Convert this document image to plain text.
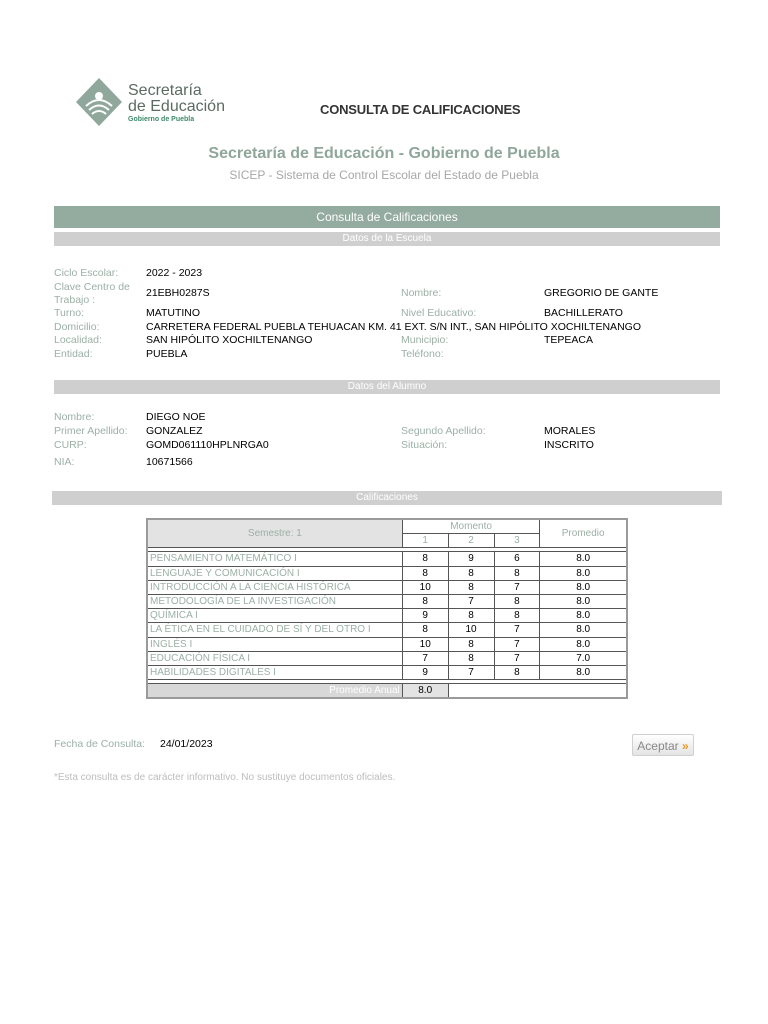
Secretaría
de Educación
Gobierno de Puebla
CONSULTA DE CALIFICACIONES
Secretaría de Educación - Gobierno de Puebla
SICEP - Sistema de Control Escolar del Estado de Puebla
Consulta de Calificaciones
Datos de la Escuela
Ciclo Escolar:	2022 - 2023
Clave Centro de
Trabajo :
21EBH0287S	Nombre:	GREGORIO DE GANTE
Turno:	MATUTINO	Nivel Educativo:	BACHILLERATO
Domicilio:	CARRETERA FEDERAL PUEBLA TEHUACAN KM. 41 EXT. S/N INT., SAN HIPÓLITO XOCHILTENANGO
Localidad:	SAN HIPÓLITO XOCHILTENANGO	Municipio:	TEPEACA
Entidad:	PUEBLA	Teléfono:
Datos del Alumno
Nombre:	DIEGO NOE
Primer Apellido: GONZALEZ	Segundo Apellido:	MORALES
CURP:	GOMD061110HPLNRGA0	Situación:	INSCRITO
NIA:	10671566
Calificaciones
Semestre: 1	Momento			Promedio
	1	2	3	

PENSAMIENTO MATEMÁTICO I	8	9	6	8.0
LENGUAJE Y COMUNICACIÓN I	8	8	8	8.0
INTRODUCCIÓN A LA CIENCIA HISTÓRICA	10	8	7	8.0
METODOLOGÍA DE LA INVESTIGACIÓN	8	7	8	8.0
QUÍMICA I	9	8	8	8.0
LA ÉTICA EN EL CUIDADO DE SÍ Y DEL OTRO I	8	10	7	8.0
INGLÉS I	10	8	7	8.0
EDUCACIÓN FÍSICA I	7	8	7	7.0
HABILIDADES DIGITALES I	9	7	8	8.0

Promedio Anual	8.0			
Fecha de Consulta: 24/01/2023	Aceptar »
*Esta consulta es de carácter informativo. No sustituye documentos oficiales.
